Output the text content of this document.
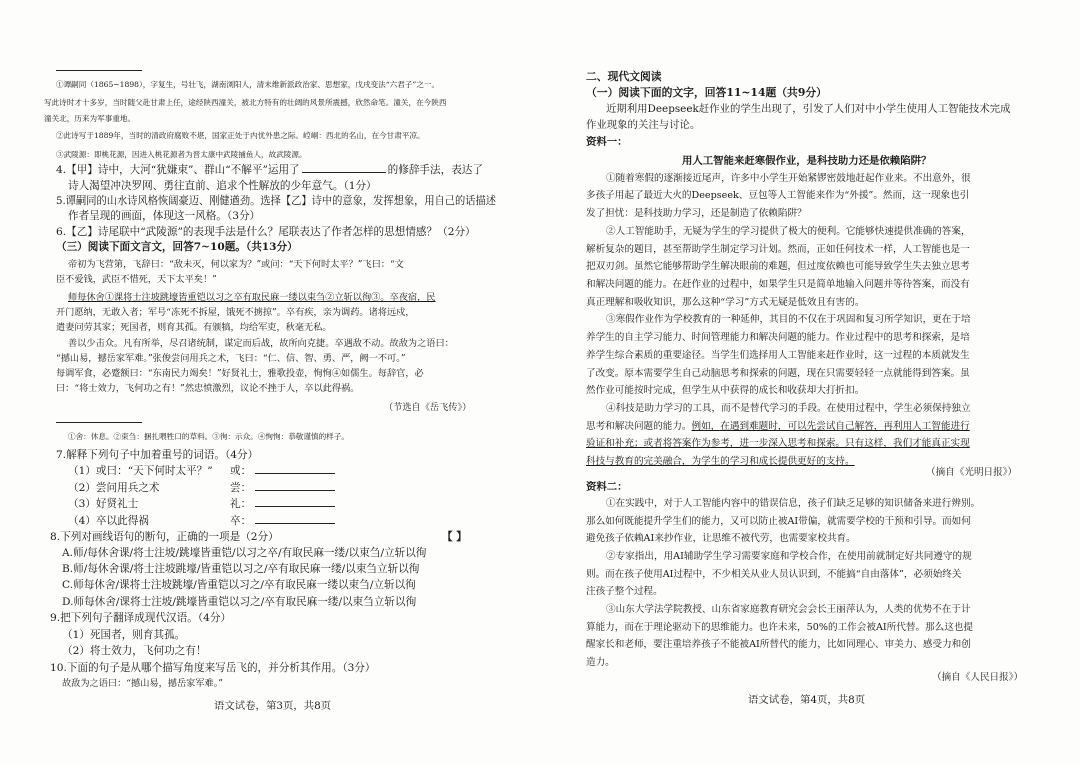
①谭嗣同（1865~1898），字复生，号壮飞，湖南浏阳人，清末维新派政治家、思想家，戊戌变法“六君子”之一。
写此诗时才十多岁，当时随父赴甘肃上任，途经陕西潼关，被北方特有的壮阔的风景所震撼，欣然命笔。潼关，在今陕西
潼关北，历来为军事重地。
②此诗写于1889年，当时的清政府腐败不堪，国家正处于内忧外患之际。崆峒：西北的名山，在今甘肃平凉。
③武陵源：即桃花源，因进入桃花源者为晋太康中武陵捕鱼人，故武陵源。
4.【甲】诗中，大河“犹嫌束”、群山“不解平”运用了	的修辞手法，表达了
诗人渴望冲决罗网、勇往直前、追求个性解放的少年意气。（1分）
5.谭嗣同的山水诗风格恢阔豪迈、刚健遒劲。选择【乙】诗中的意象，发挥想象，用自己的话描述
作者呈现的画面，体现这一风格。（3分）
6.【乙】诗尾联中“武陵源”的表现手法是什么？尾联表达了作者怎样的思想情感？（2分）
（三）阅读下面文言文，回答7~10题。（共13分）
帝初为飞营第，飞辞曰：“敌未灭，何以家为？”或问：“天下何时太平？”飞曰：“文
臣不爱钱，武臣不惜死，天下太平矣！”
师每休舍①课将士注坡跳壕皆重铠以习之卒有取民麻一缕以束刍②立斩以徇③。卒夜宿，民
开门愿纳，无敢入者；军号“冻死不拆屋，饿死不掳掠”。卒有疾，亲为调药。诸将远戍，
遣妻问劳其家；死国者，则育其孤。有颁犒，均给军吏，秋毫无私。
善以少击众。凡有所举，尽召诸统制，谋定而后战，故所向克捷。卒遇敌不动。故敌为之语曰：
“撼山易，撼岳家军难。”张俊尝问用兵之术，飞曰：“仁、信、智、勇、严，阙一不可。”
每调军食，必蹙额曰：“东南民力竭矣！”好贤礼士，雅歌投壶，恂恂④如儒生。每辞官，必
曰：“将士效力，飞何功之有！”然忠愤激烈，议论不挫于人，卒以此得祸。
（节选自《岳飞传》）
①舍：休息。②束刍：捆扎喂牲口的草料。③徇：示众。④恂恂：恭敬谨慎的样子。
7.解释下列句子中加着重号的词语。（4分）
（1）或曰：“天下何时太平？” 或：
（2）尝问用兵之术	尝：
（3）好贤礼士	礼：
（4）卒以此得祸	卒：
8.下列对画线语句的断句，正确的一项是（2分）	【 】
A.师/每休舍课/将士注坡/跳壕皆重铠/以习之卒/有取民麻一缕/以束刍/立斩以徇
B.师/每休舍课/将士注坡跳壕/皆重铠以习之/卒有取民麻一缕/以束刍立斩以徇
C.师每休舍/课将士注坡跳壕/皆重铠以习之/卒有取民麻一缕以束刍/立斩以徇
D.师每休舍/课将士注坡/跳壕皆重铠以习之/卒有取民麻一缕/以束刍立斩以徇
9.把下列句子翻译成现代汉语。（4分）
（1）死国者，则育其孤。
（2）将士效力，飞何功之有！
10.下面的句子是从哪个描写角度来写岳飞的，并分析其作用。（3分）
故敌为之语曰：“撼山易，撼岳家军难。”
语文试卷，第3页，共8页
二、现代文阅读
（一）阅读下面的文字，回答11~14题（共9分）
近期利用Deepseek赶作业的学生出现了，引发了人们对中小学生使用人工智能技术完成
作业现象的关注与讨论。
资料一：
用人工智能来赶寒假作业，是科技助力还是依赖陷阱？
①随着寒假的逐渐接近尾声，许多中小学生开始紧锣密鼓地赶起作业来。不出意外，很
多孩子用起了最近大火的Deepseek、豆包等人工智能来作为“外援”。然而，这一现象也引
发了担忧：是科技助力学习，还是制造了依赖陷阱？
②人工智能助手，无疑为学生的学习提供了极大的便利。它能够快速提供准确的答案，
解析复杂的题目，甚至帮助学生制定学习计划。然而，正如任何技术一样，人工智能也是一
把双刃剑。虽然它能够帮助学生解决眼前的难题，但过度依赖也可能导致学生失去独立思考
和解决问题的能力。在赶作业的过程中，如果学生只是简单地输入问题并等待答案，而没有
真正理解和吸收知识，那么这种“学习”方式无疑是低效且有害的。
③寒假作业作为学校教育的一种延伸，其目的不仅在于巩固和复习所学知识，更在于培
养学生的自主学习能力、时间管理能力和解决问题的能力。作业过程中的思考和探索，是培
养学生综合素质的重要途径。当学生们选择用人工智能来赶作业时，这一过程的本质就发生
了改变。原本需要学生自己动脑思考和探索的问题，现在只需要轻轻一点就能得到答案。虽
然作业可能按时完成，但学生从中获得的成长和收获却大打折扣。
④科技是助力学习的工具，而不是替代学习的手段。在使用过程中，学生必须保持独立
思考和解决问题的能力。例如，在遇到难题时，可以先尝试自己解答，再利用人工智能进行
验证和补充；或者将答案作为参考，进一步深入思考和探索。只有这样，我们才能真正实现
科技与教育的完美融合，为学生的学习和成长提供更好的支持。
（摘自《光明日报》）
资料二：
①在实践中，对于人工智能内容中的错误信息，孩子们缺乏足够的知识储备来进行辨别。
那么如何既能提升学生们的能力，又可以防止被AI带偏，就需要学校的干预和引导。而如何
避免孩子依赖AI来抄作业，让思维不被代劳，也需要家校共育。
②专家指出，用AI辅助学生学习需要家庭和学校合作，在使用前就制定好共同遵守的规
则。而在孩子使用AI过程中，不少相关从业人员认识到，不能搞“自由落体”，必须始终关
注孩子整个过程。
③山东大学法学院教授、山东省家庭教育研究会会长王丽萍认为，人类的优势不在于计
算能力，而在于理论驱动下的思维能力。也许未来，50%的工作会被AI所代替。那么这也提
醒家长和老师，要注重培养孩子不能被AI所替代的能力，比如同理心、审美力、感受力和创
造力。
（摘自《人民日报》）
语文试卷，第4页，共8页
